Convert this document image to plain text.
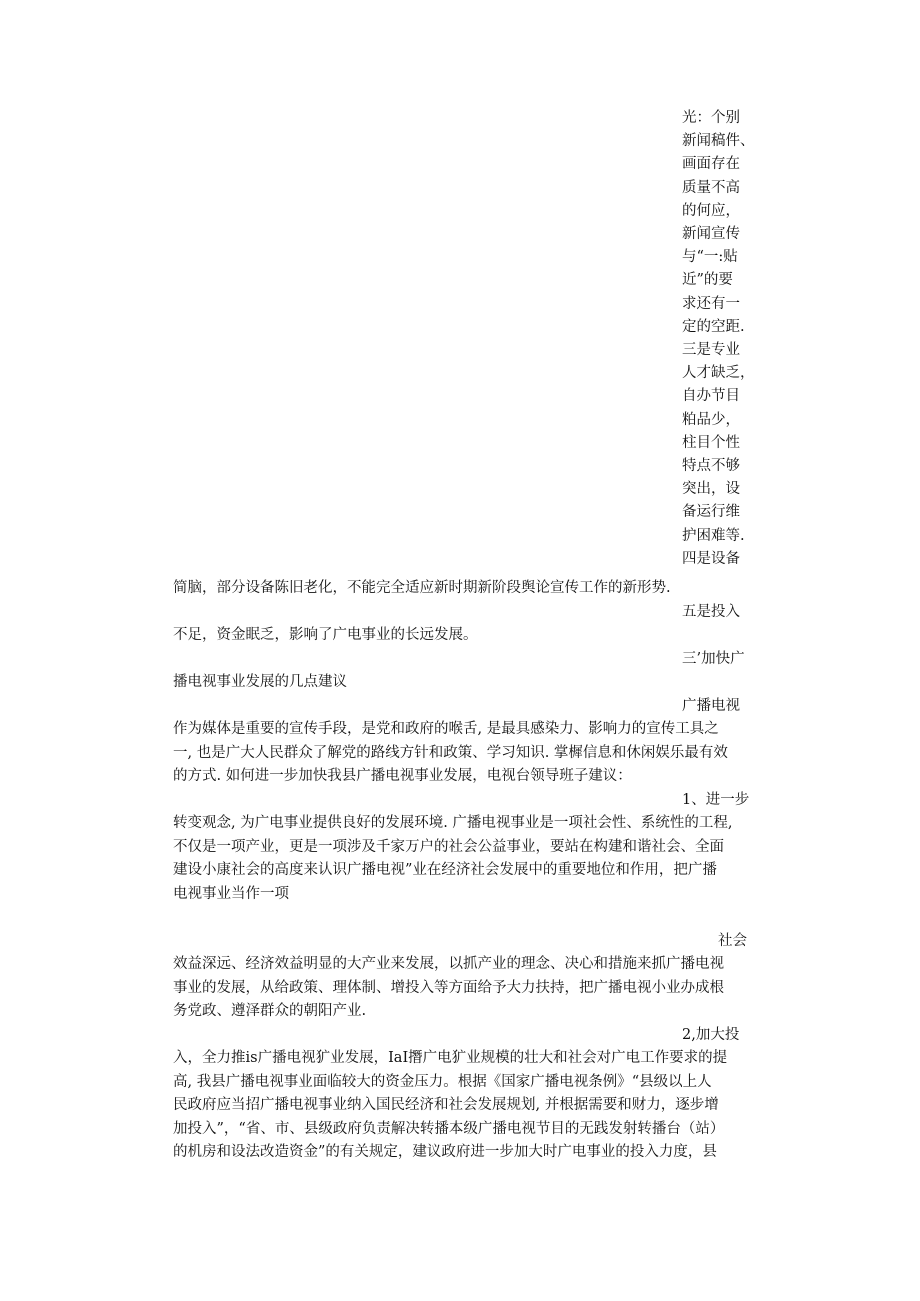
光：个别
新闻稿件、
画面存在
质量不高
的何应，
新闻宣传
与“一:贴
近”的要
求还有一
定的空距.
三是专业
人才缺乏，
自办节目
粕品少，
柱目个性
特点不够
突出，设
备运行维
护困难等.
四是设备
简脑，部分设备陈旧老化，不能完全适应新时期新阶段舆论宣传工作的新形势.
五是投入
不足，资金眠乏，影响了广电事业的长远发展。
三’加快广
播电视事业发展的几点建议
广播电视
作为媒体是重要的宣传手段，是党和政府的喉舌, 是最具感染力、影响力的宣传工具之
一, 也是广大人民群众了解党的路线方针和政策、学习知识. 掌樨信息和休闲娱乐最有效
的方式. 如何进一步加快我县广播电视事业发展，电视台领导班子建议：
1、进一步
转变观念, 为广电事业提供良好的发展环境. 广播电视事业是一项社会性、系统性的工程,
不仅是一项产业，更是一项涉及千家万户的社会公益事业，要站在构建和谐社会、全面
建设小康社会的高度来认识广播电视”业在经济社会发展中的重要地位和作用，把广播
电视事业当作一项
社会
效益深远、经济效益明显的大产业来发展，以抓产业的理念、决心和措施来抓广播电视
事业的发展，从给政策、理体制、增投入等方面给予大力扶持，把广播电视小业办成根
务党政、遵泽群众的朝阳产业.
2,加大投
入，全力推is广播电视犷业发展，IaI撍广电犷业规模的壮大和社会对广电工作要求的提
高, 我县广播电视事业面临较大的资金压力。根据《国家广播电视条例》“县级以上人
民政府应当招广播电视事业纳入国民经济和社会发展规划, 并根据需要和财力，逐步增
加投入”，“省、市、县级政府负责解决转播本级广播电视节目的无践发射转播台（站）
的机房和设法改造资金”的有关规定，建议政府进一步加大时广电事业的投入力度，县
